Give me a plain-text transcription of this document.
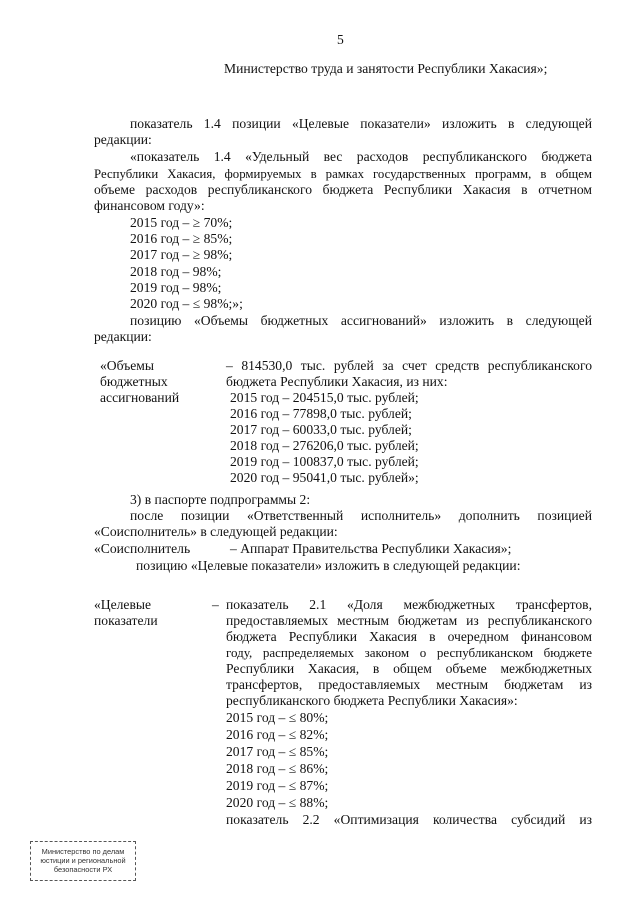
5
Министерство труда и занятости Республики Хакасия»;
показатель 1.4 позиции «Целевые показатели» изложить в следующей
редакции:
«показатель 1.4 «Удельный вес расходов республиканского бюджета
Республики Хакасия, формируемых в рамках государственных программ, в общем
объеме расходов республиканского бюджета Республики Хакасия в отчетном
финансовом году»:
2015 год – ≥ 70%;
2016 год – ≥ 85%;
2017 год – ≥ 98%;
2018 год – 98%;
2019 год – 98%;
2020 год – ≤ 98%;»;
позицию «Объемы бюджетных ассигнований» изложить в следующей
редакции:
«Объемы
бюджетных
ассигнований
– 814530,0 тыс. рублей за счет средств республиканского
бюджета Республики Хакасия, из них:
2015 год – 204515,0 тыс. рублей;
2016 год – 77898,0 тыс. рублей;
2017 год – 60033,0 тыс. рублей;
2018 год – 276206,0 тыс. рублей;
2019 год – 100837,0 тыс. рублей;
2020 год – 95041,0 тыс. рублей»;
3) в паспорте подпрограммы 2:
после позиции «Ответственный исполнитель» дополнить позицией
«Соисполнитель» в следующей редакции:
«Соисполнитель	– Аппарат Правительства Республики Хакасия»;
позицию «Целевые показатели» изложить в следующей редакции:
«Целевые
показатели
– показатель 2.1 «Доля межбюджетных трансфертов,
предоставляемых местным бюджетам из республиканского
бюджета Республики Хакасия в очередном финансовом
году, распределяемых законом о республиканском бюджете
Республики Хакасия, в общем объеме межбюджетных
трансфертов, предоставляемых местным бюджетам из
республиканского бюджета Республики Хакасия»:
2015 год – ≤ 80%;
2016 год – ≤ 82%;
2017 год – ≤ 85%;
2018 год – ≤ 86%;
2019 год – ≤ 87%;
2020 год – ≤ 88%;
показатель 2.2 «Оптимизация количества субсидий из
Министерство по делам
юстиции и региональной
безопасности РХ
